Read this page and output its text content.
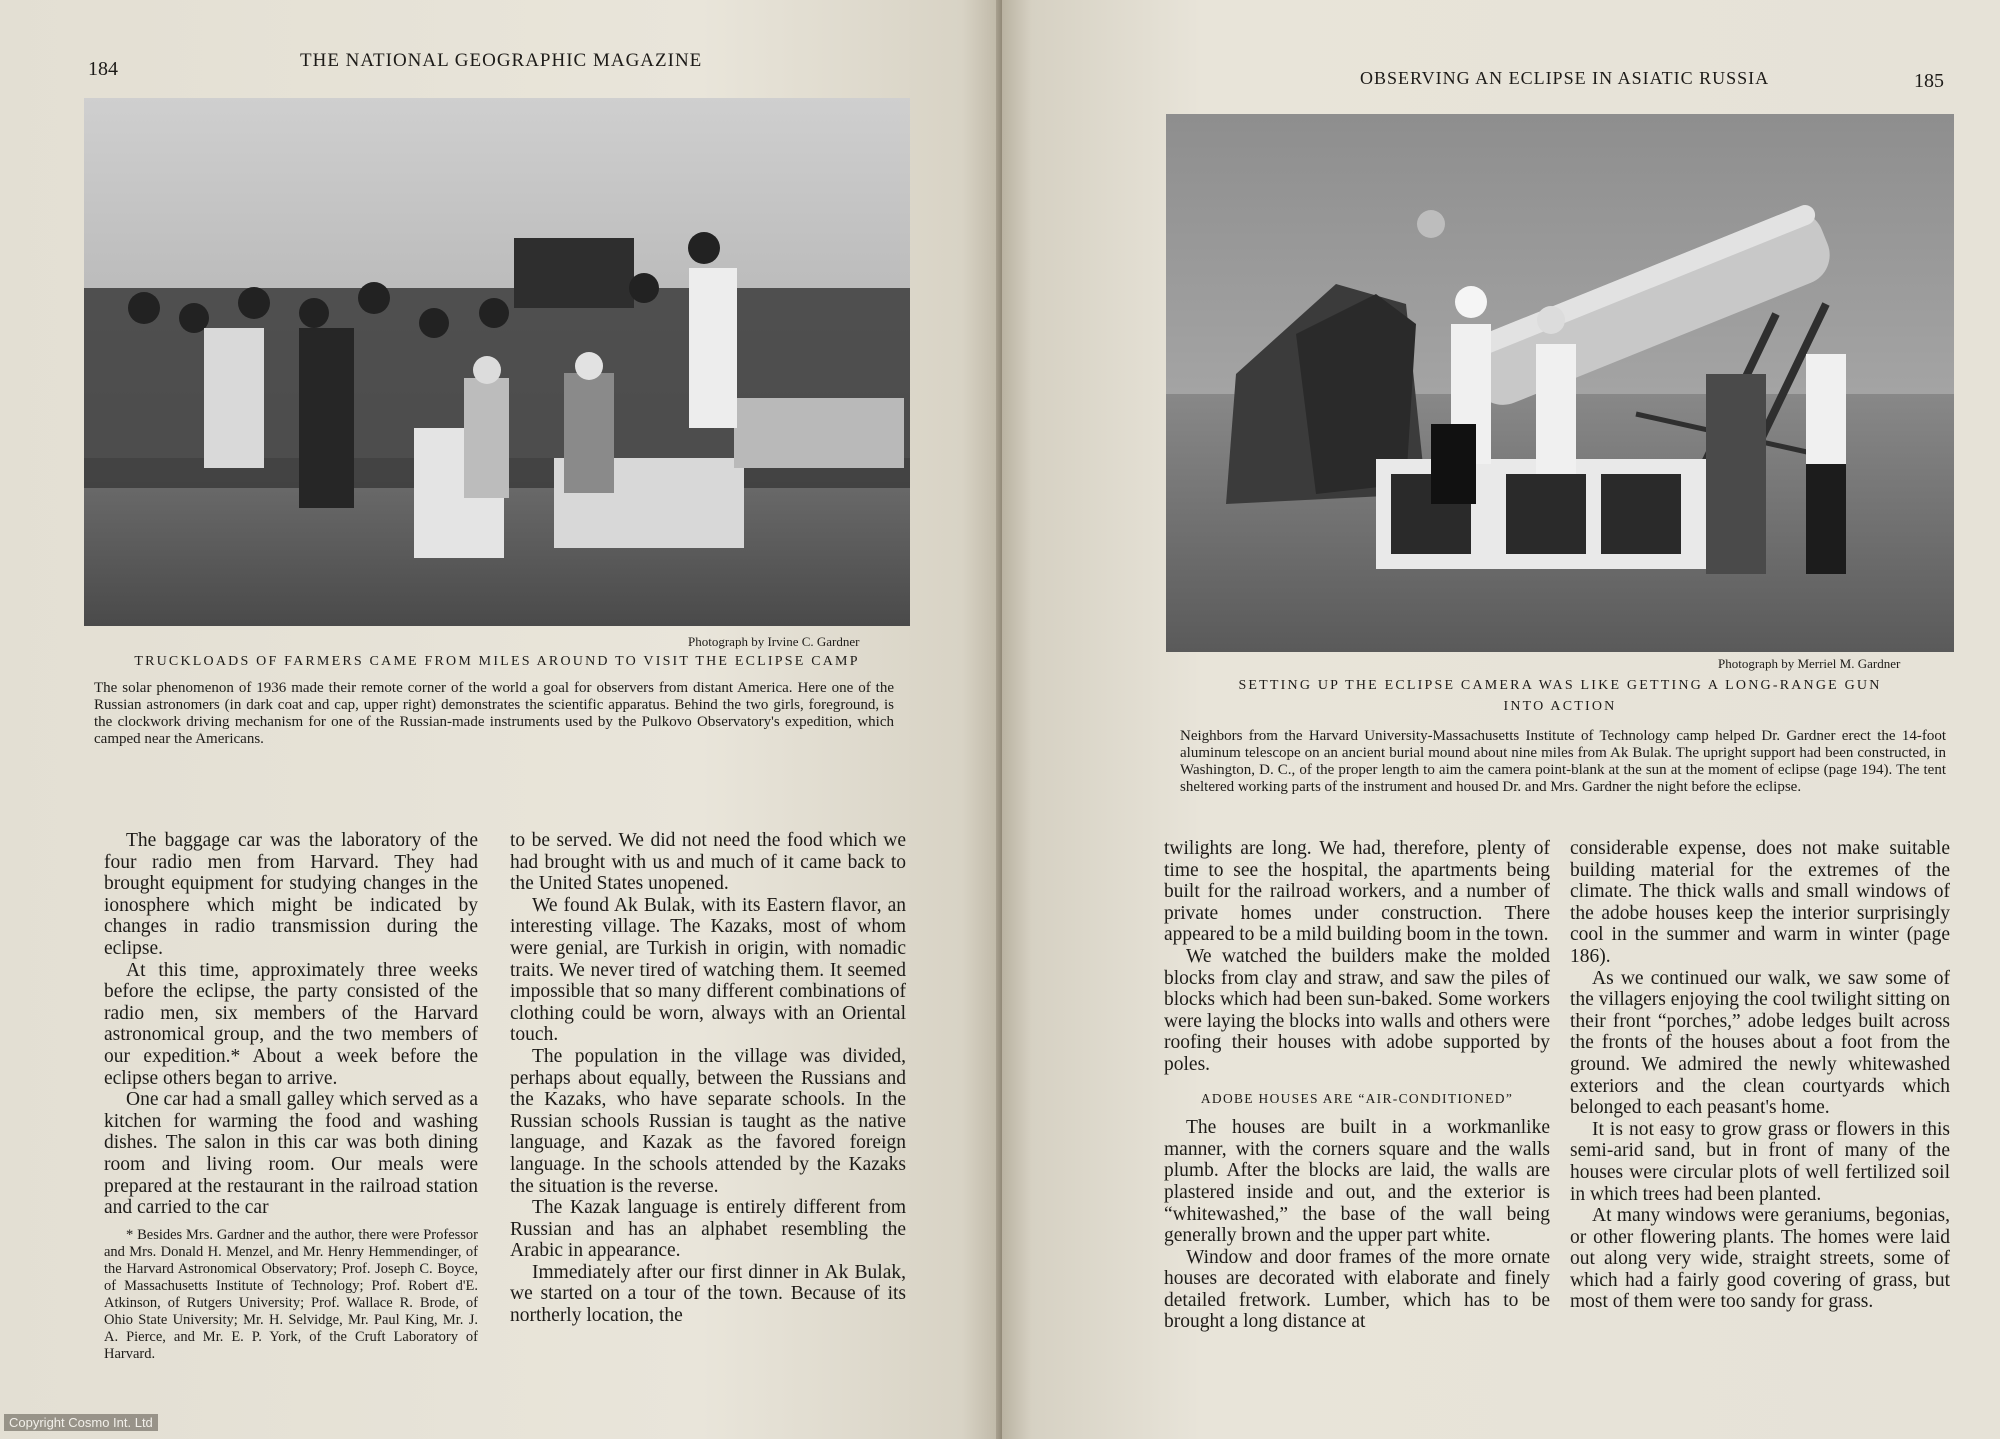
184	THE NATIONAL GEOGRAPHIC MAGAZINE
Photograph by Irvine C. Gardner
TRUCKLOADS OF FARMERS CAME FROM MILES AROUND TO VISIT THE ECLIPSE CAMP
The solar phenomenon of 1936 made their remote corner of the world a goal for observers from distant America. Here one of the Russian astronomers (in dark coat and cap, upper right) demonstrates the scientific apparatus. Behind the two girls, foreground, is the clockwork driving mechanism for one of the Russian-made instruments used by the Pulkovo Observatory's expedition, which camped near the Americans.

The baggage car was the laboratory of the four radio men from Harvard. They had brought equipment for studying changes in the ionosphere which might be indicated by changes in radio transmission during the eclipse.

At this time, approximately three weeks before the eclipse, the party consisted of the radio men, six members of the Harvard astronomical group, and the two members of our expedition.* About a week before the eclipse others began to arrive.

One car had a small galley which served as a kitchen for warming the food and washing dishes. The salon in this car was both dining room and living room. Our meals were prepared at the restaurant in the railroad station and carried to the car

* Besides Mrs. Gardner and the author, there were Professor and Mrs. Donald H. Menzel, and Mr. Henry Hemmendinger, of the Harvard Astronomical Observatory; Prof. Joseph C. Boyce, of Massachusetts Institute of Technology; Prof. Robert d'E. Atkinson, of Rutgers University; Prof. Wallace R. Brode, of Ohio State University; Mr. H. Selvidge, Mr. Paul King, Mr. J. A. Pierce, and Mr. E. P. York, of the Cruft Laboratory of Harvard.

to be served. We did not need the food which we had brought with us and much of it came back to the United States unopened.

We found Ak Bulak, with its Eastern flavor, an interesting village. The Kazaks, most of whom were genial, are Turkish in origin, with nomadic traits. We never tired of watching them. It seemed impossible that so many different combinations of clothing could be worn, always with an Oriental touch.

The population in the village was divided, perhaps about equally, between the Russians and the Kazaks, who have separate schools. In the Russian schools Russian is taught as the native language, and Kazak as the favored foreign language. In the schools attended by the Kazaks the situation is the reverse.

The Kazak language is entirely different from Russian and has an alphabet resembling the Arabic in appearance.

Immediately after our first dinner in Ak Bulak, we started on a tour of the town. Because of its northerly location, the

OBSERVING AN ECLIPSE IN ASIATIC RUSSIA	185
Photograph by Merriel M. Gardner
SETTING UP THE ECLIPSE CAMERA WAS LIKE GETTING A LONG-RANGE GUN
INTO ACTION
Neighbors from the Harvard University-Massachusetts Institute of Technology camp helped Dr. Gardner erect the 14-foot aluminum telescope on an ancient burial mound about nine miles from Ak Bulak. The upright support had been constructed, in Washington, D. C., of the proper length to aim the camera point-blank at the sun at the moment of eclipse (page 194). The tent sheltered working parts of the instrument and housed Dr. and Mrs. Gardner the night before the eclipse.

twilights are long. We had, therefore, plenty of time to see the hospital, the apartments being built for the railroad workers, and a number of private homes under construction. There appeared to be a mild building boom in the town.

We watched the builders make the molded blocks from clay and straw, and saw the piles of blocks which had been sun-baked. Some workers were laying the blocks into walls and others were roofing their houses with adobe supported by poles.

ADOBE HOUSES ARE “AIR-CONDITIONED”

The houses are built in a workmanlike manner, with the corners square and the walls plumb. After the blocks are laid, the walls are plastered inside and out, and the exterior is “whitewashed,” the base of the wall being generally brown and the upper part white.

Window and door frames of the more ornate houses are decorated with elaborate and finely detailed fretwork. Lumber, which has to be brought a long distance at

considerable expense, does not make suitable building material for the extremes of the climate. The thick walls and small windows of the adobe houses keep the interior surprisingly cool in the summer and warm in winter (page 186).

As we continued our walk, we saw some of the villagers enjoying the cool twilight sitting on their front “porches,” adobe ledges built across the fronts of the houses about a foot from the ground. We admired the newly whitewashed exteriors and the clean courtyards which belonged to each peasant's home.

It is not easy to grow grass or flowers in this semi-arid sand, but in front of many of the houses were circular plots of well fertilized soil in which trees had been planted.

At many windows were geraniums, begonias, or other flowering plants. The homes were laid out along very wide, straight streets, some of which had a fairly good covering of grass, but most of them were too sandy for grass.

Copyright Cosmo Int. Ltd
